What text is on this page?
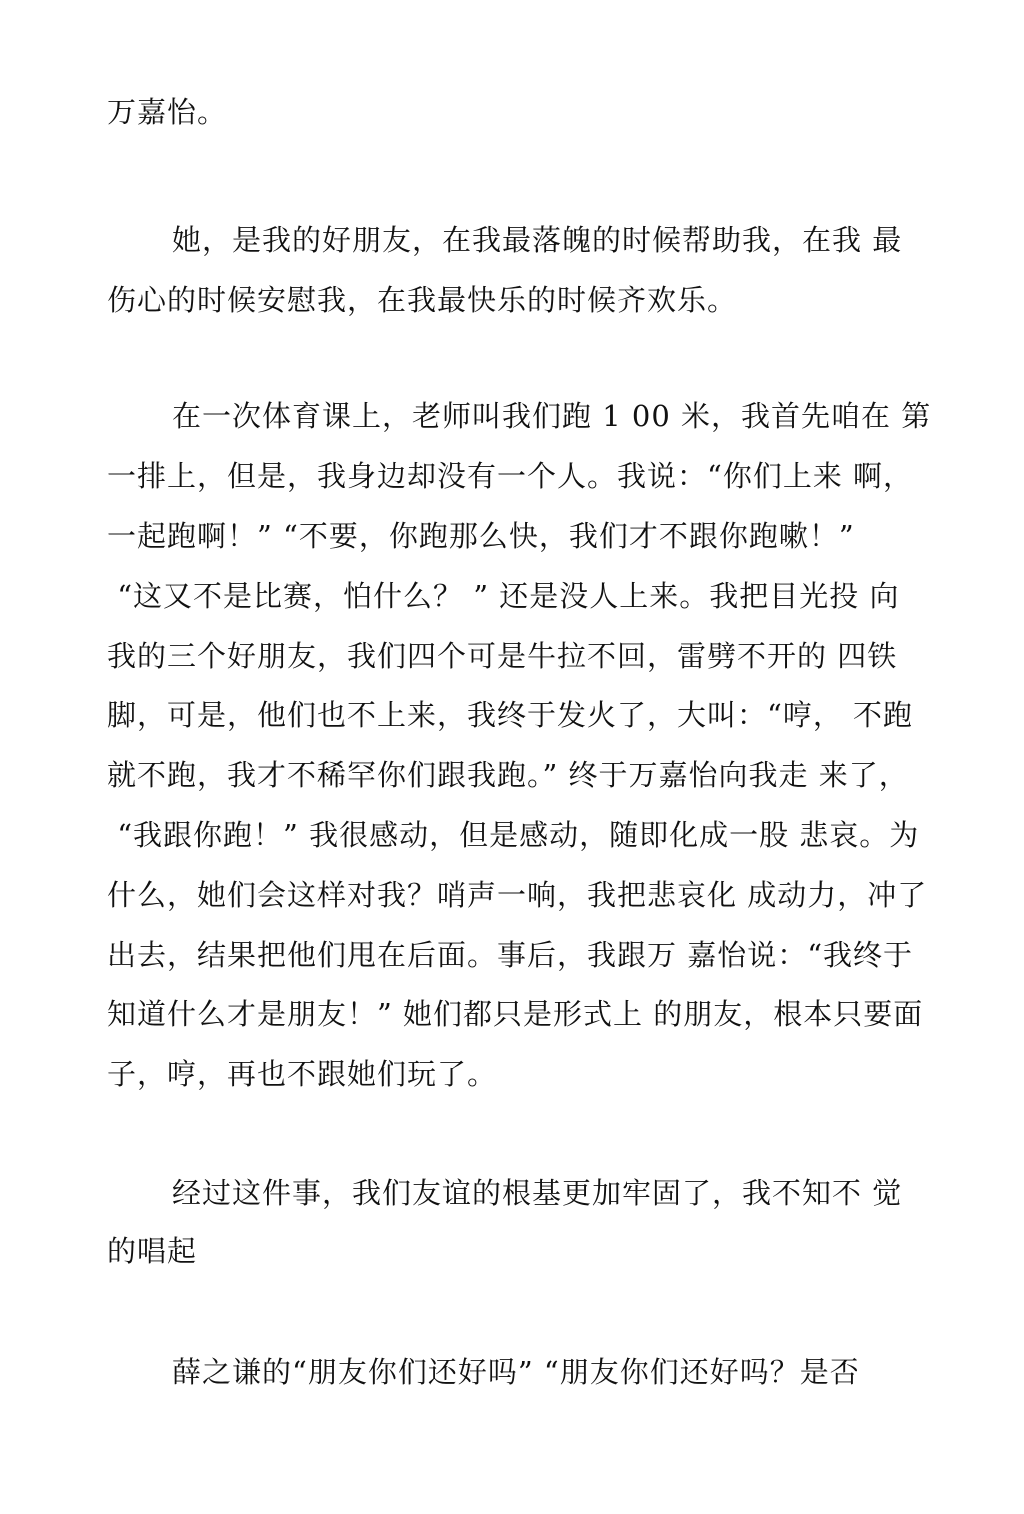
万嘉怡。
她，是我的好朋友，在我最落魄的时候帮助我，在我 最
伤心的时候安慰我，在我最快乐的时候齐欢乐。
在一次体育课上，老师叫我们跑 1 00 米，我首先咱在 第
一排上，但是，我身边却没有一个人。我说：“你们上来 啊，
一起跑啊！” “不要，你跑那么快，我们才不跟你跑嗽！”
“这又不是比赛，怕什么？ ” 还是没人上来。我把目光投 向
我的三个好朋友，我们四个可是牛拉不回，雷劈不开的 四铁
脚，可是，他们也不上来，我终于发火了，大叫：“哼， 不跑
就不跑，我才不稀罕你们跟我跑。” 终于万嘉怡向我走 来了，
“我跟你跑！” 我很感动，但是感动，随即化成一股 悲哀。为
什么，她们会这样对我？哨声一响，我把悲哀化 成动力，冲了
出去，结果把他们甩在后面。事后，我跟万 嘉怡说：“我终于
知道什么才是朋友！” 她们都只是形式上 的朋友，根本只要面
子，哼，再也不跟她们玩了。
经过这件事，我们友谊的根基更加牢固了，我不知不 觉
的唱起
薛之谦的“朋友你们还好吗” “朋友你们还好吗？是否
